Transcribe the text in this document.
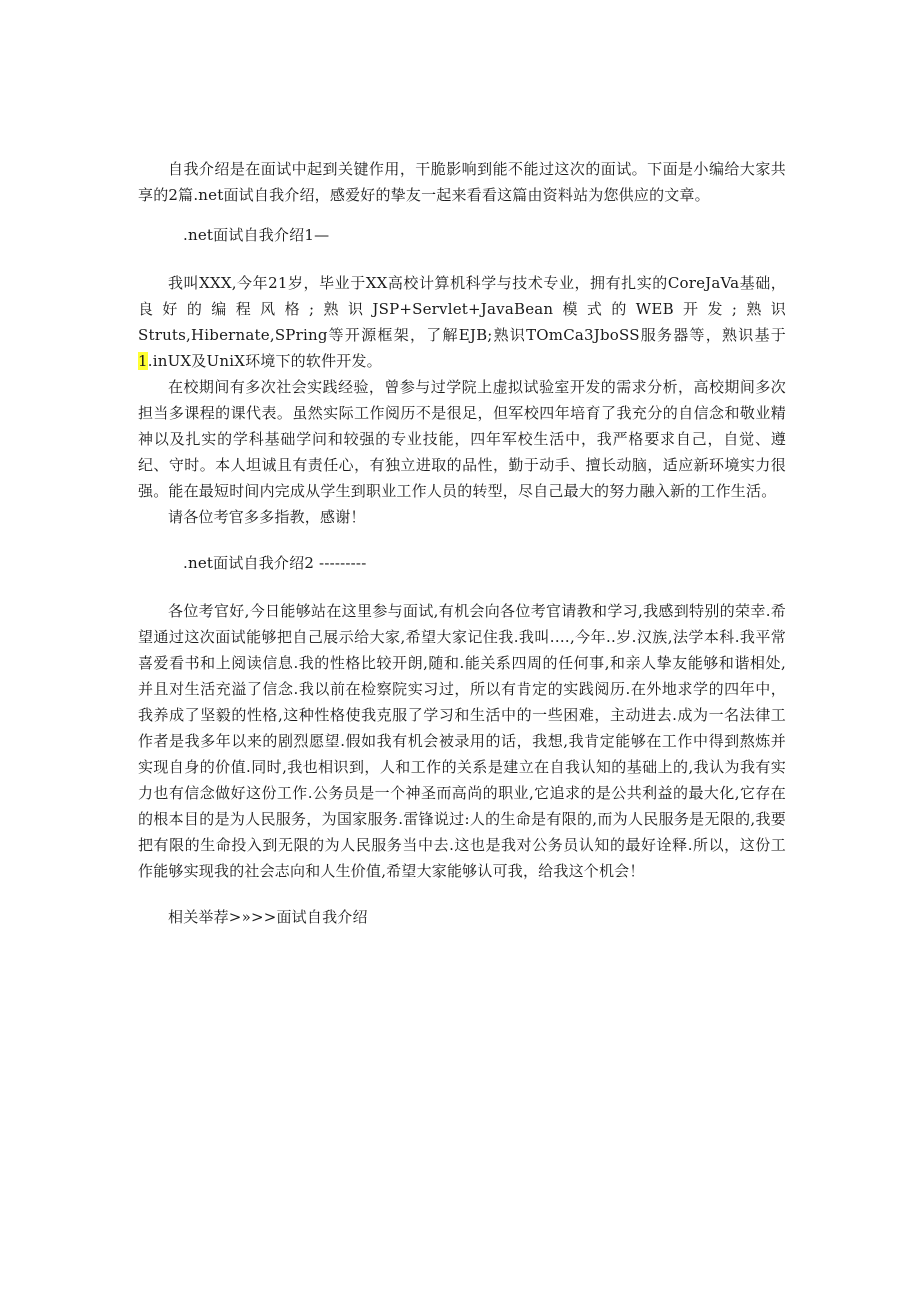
自我介绍是在面试中起到关键作用，干脆影响到能不能过这次的面试。下面是小编给大家共享的2篇.net面试自我介绍，感爱好的挚友一起来看看这篇由资料站为您供应的文章。

.net面试自我介绍1—

我叫XXX,今年21岁，毕业于XX高校计算机科学与技术专业，拥有扎实的CoreJaVa基础，良好的编程风格;熟识JSP+Servlet+JavaBean模式的WEB开发;熟识Struts,Hibernate,SPring等开源框架，了解EJB;熟识TOmCa3JboSS服务器等，熟识基于1.inUX及UniX环境下的软件开发。

在校期间有多次社会实践经验，曾参与过学院上虚拟试验室开发的需求分析，高校期间多次担当多课程的课代表。虽然实际工作阅历不是很足，但军校四年培育了我充分的自信念和敬业精神以及扎实的学科基础学问和较强的专业技能，四年军校生活中，我严格要求自己，自觉、遵纪、守时。本人坦诚且有责任心，有独立进取的品性，勤于动手、擅长动脑，适应新环境实力很强。能在最短时间内完成从学生到职业工作人员的转型，尽自己最大的努力融入新的工作生活。

请各位考官多多指教，感谢！

.net面试自我介绍2 ---------

各位考官好,今日能够站在这里参与面试,有机会向各位考官请教和学习,我感到特别的荣幸.希望通过这次面试能够把自己展示给大家,希望大家记住我.我叫.…,今年..岁.汉族,法学本科.我平常喜爱看书和上阅读信息.我的性格比较开朗,随和.能关系四周的任何事,和亲人挚友能够和谐相处,并且对生活充溢了信念.我以前在检察院实习过，所以有肯定的实践阅历.在外地求学的四年中，我养成了坚毅的性格,这种性格使我克服了学习和生活中的一些困难，主动进去.成为一名法律工作者是我多年以来的剧烈愿望.假如我有机会被录用的话，我想,我肯定能够在工作中得到熬炼并实现自身的价值.同时,我也相识到，人和工作的关系是建立在自我认知的基础上的,我认为我有实力也有信念做好这份工作.公务员是一个神圣而高尚的职业,它追求的是公共利益的最大化,它存在的根本目的是为人民服务，为国家服务.雷锋说过:人的生命是有限的,而为人民服务是无限的,我要把有限的生命投入到无限的为人民服务当中去.这也是我对公务员认知的最好诠释.所以，这份工作能够实现我的社会志向和人生价值,希望大家能够认可我，给我这个机会！

相关举荐>»>>面试自我介绍
